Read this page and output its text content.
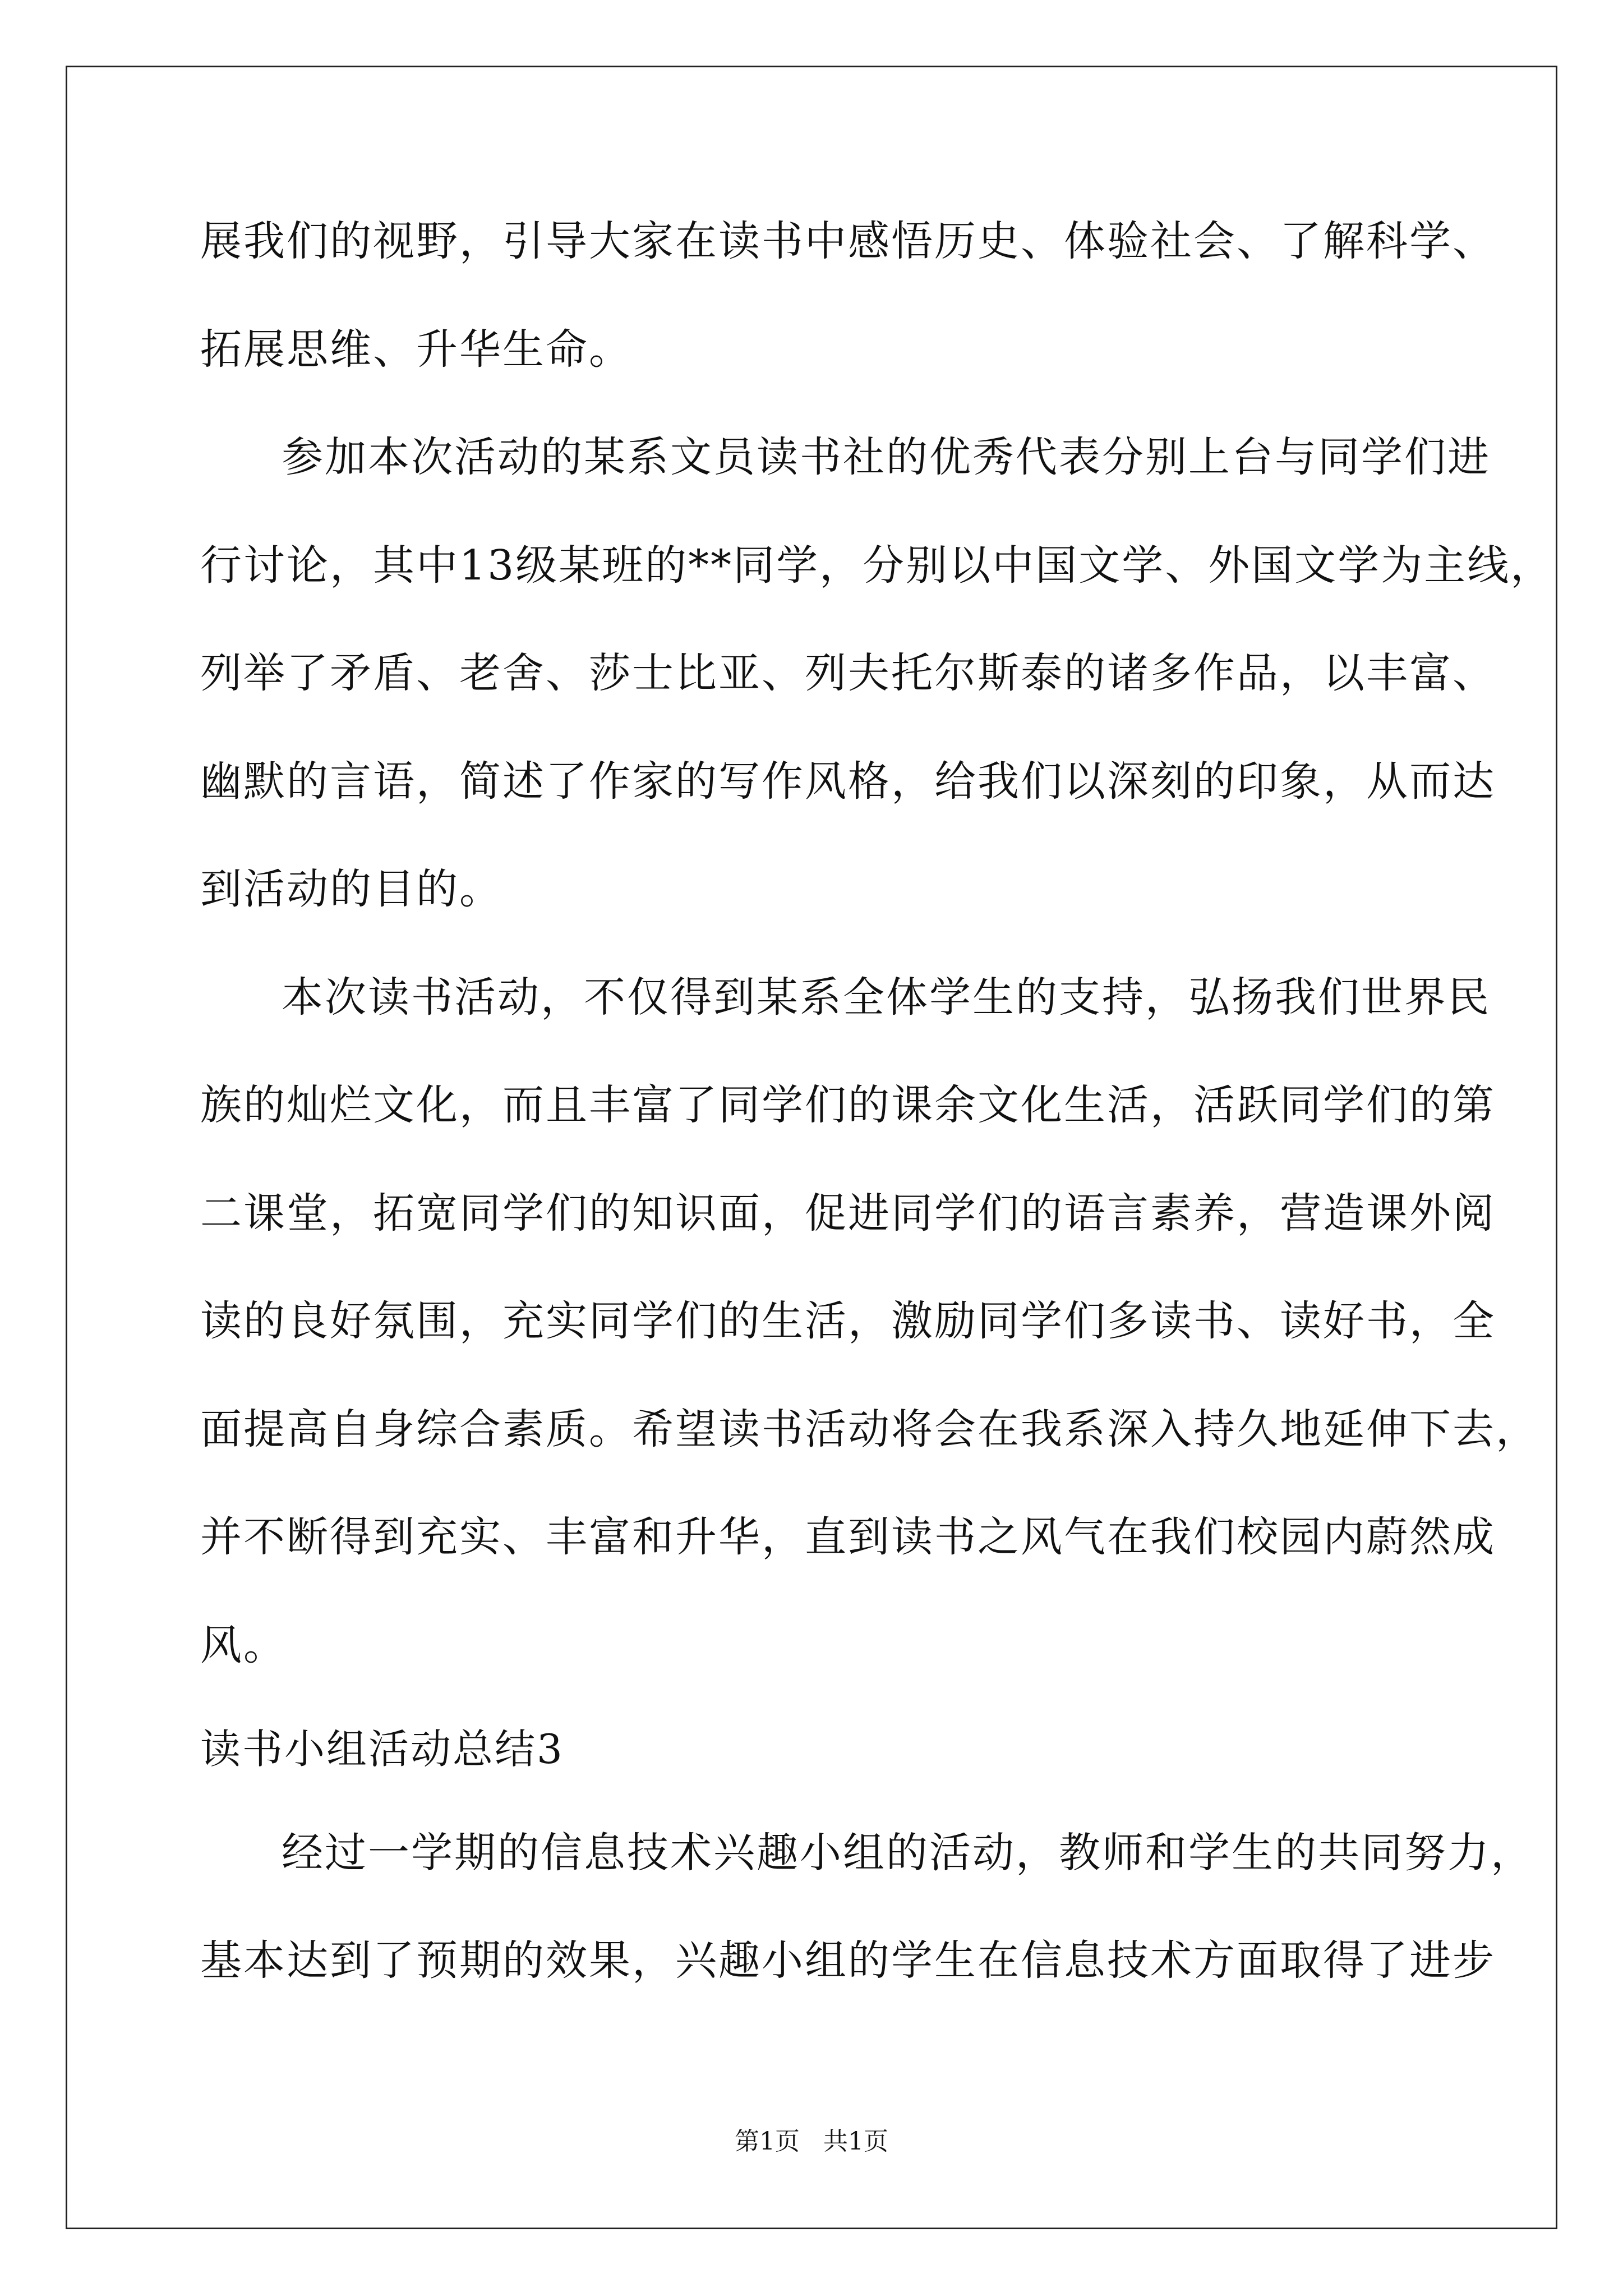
展我们的视野，引导大家在读书中感悟历史、体验社会、了解科学、
拓展思维、升华生命。
参加本次活动的某系文员读书社的优秀代表分别上台与同学们进
行讨论，其中13级某班的**同学，分别以中国文学、外国文学为主线，
列举了矛盾、老舍、莎士比亚、列夫托尔斯泰的诸多作品，以丰富、
幽默的言语，简述了作家的写作风格，给我们以深刻的印象，从而达
到活动的目的。
本次读书活动，不仅得到某系全体学生的支持，弘扬我们世界民
族的灿烂文化，而且丰富了同学们的课余文化生活，活跃同学们的第
二课堂，拓宽同学们的知识面，促进同学们的语言素养，营造课外阅
读的良好氛围，充实同学们的生活，激励同学们多读书、读好书，全
面提高自身综合素质。希望读书活动将会在我系深入持久地延伸下去，
并不断得到充实、丰富和升华，直到读书之风气在我们校园内蔚然成
风。
读书小组活动总结3
经过一学期的信息技术兴趣小组的活动，教师和学生的共同努力，
基本达到了预期的效果，兴趣小组的学生在信息技术方面取得了进步
第1页   共1页
